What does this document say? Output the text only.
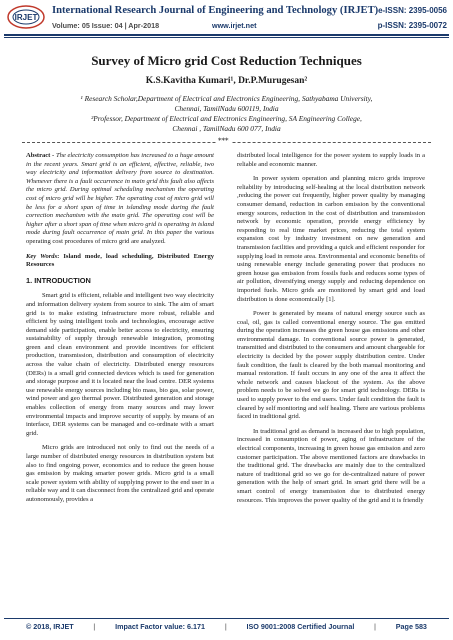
IRJET
International Research Journal of Engineering and Technology (IRJET) e-ISSN: 2395-0056
Volume: 05 Issue: 04 | Apr-2018	www.irjet.net	p-ISSN: 2395-0072
Survey of Micro grid Cost Reduction Techniques
K.S.Kavitha Kumari¹, Dr.P.Murugesan²
¹ Research Scholar,Department of Electrical and Electronics Engineering, Sathyabama University,
Chennai, TamilNadu 600119, India
²Professor, Department of Electrical and Electronics Engineering, SA Engineering College,
Chennai , TamilNadu 600 077, India
***

Abstract - The electricity consumption has increased to a huge amount in the recent years. Smart grid is an efficient, effective, reliable, two way electricity and information delivery from source to destination. Whenever there is a fault occurrence in main grid this fault also affects the micro grid. During optimal scheduling mechanism the operating cost of micro grid will be higher. The operating cost of micro grid will be less for a short span of time in islanding mode during the fault correction mechanism with the main grid. The operating cost will be higher after a short span of time when micro grid is operating in island mode during fault occurrence of main grid. In this paper the various operating cost procedures of micro grid are analyzed.

Key Words: Island mode, load scheduling, Distributed Energy Resources

1. INTRODUCTION

Smart grid is efficient, reliable and intelligent two way electricity and information delivery system from source to sink. The aim of smart grid is to make existing infrastructure more robust, reliable and efficient by using intelligent tools and technologies, encourage active demand side participation, enable better access to electricity, ensuring sustainability of supply through renewable integration, promoting green and clean environment and provide incentives for efficient production, transmission, distribution and consumption of electricity across the value chain of electricity. Distributed energy resources (DERs) is a small grid connected devices which is used for generation and storage purpose and it is located near the load centre. DER systems use renewable energy sources including bio mass, bio gas, solar power, wind power and geo thermal power. Distributed generation and storage enables collection of energy from many sources and may lower environmental impacts and improve security of supply. by means of an interface, DER systems can be managed and co-ordinate with a smart grid.

Micro grids are introduced not only to find out the needs of a large number of distributed energy resources in distribution system but also to find ongoing power, economics and to reduce the green house gas emission by making smarter power grids. Micro grid is a small scale power system with ability of supplying power to the end user in a reliable way and it can disconnect from the centralized grid and operate autonomously, provides a

distributed local intelligence for the power system to supply loads in a reliable and economic manner.

In power system operation and planning micro grids improve reliability by introducing self-healing at the local distribution network ,reducing the power cut frequently, higher power quality by managing consumer demand, reduction in carbon emission by the conventional energy sources, reduction in the cost of distribution and transmission network by economic operation, provide energy efficiency by responding to real time market prices, reducing the total system expansion cost by industry investment on new generation and transmission facilities and providing a quick and efficient responder for supplying load in remote area. Environmental and economic benefits of using renewable energy include generating power that produces no green house gas emission from fossils fuels and reduces some types of air pollution, diversifying energy supply and reducing dependence on imported fuels. Micro grids are monitored by smart grid and load distribution is done economically [1].

Power is generated by means of natural energy source such as coal, oil, gas is called conventional energy source. The gas emitted during the operation increases the green house gas emissions and other environmental damage. In conventional source power is generated, transmitted and distributed to the consumers and amount chargeable for electricity is decided by the power supply distribution centre. Under fault condition, the fault is cleared by the both manual monitoring and manual restoration. If fault occurs in any one of the area it affect the whole network and causes blackout of the system. As the above problem needs to be solved we go for smart grid technology. DERs is used to supply power to the end users. Under fault condition the fault is cleared by self monitoring and self healing. There are various problems faced in traditional grid.

In traditional grid as demand is increased due to high population, increased in consumption of power, aging of infrastructure of the electrical components, increasing in green house gas emission and zero customer participation. The above mentioned factors are drawbacks in the traditional grid. The drawbacks are mainly due to the centralized nature of traditional grid so we go for de-centralized nature of power generation with the help of smart grid. In smart grid there will be a smart control of energy transmission due to distributed energy resources. This improves the power quality of the grid and it is friendly

© 2018, IRJET	|	Impact Factor value: 6.171	|	ISO 9001:2008 Certified Journal	|	Page 583
